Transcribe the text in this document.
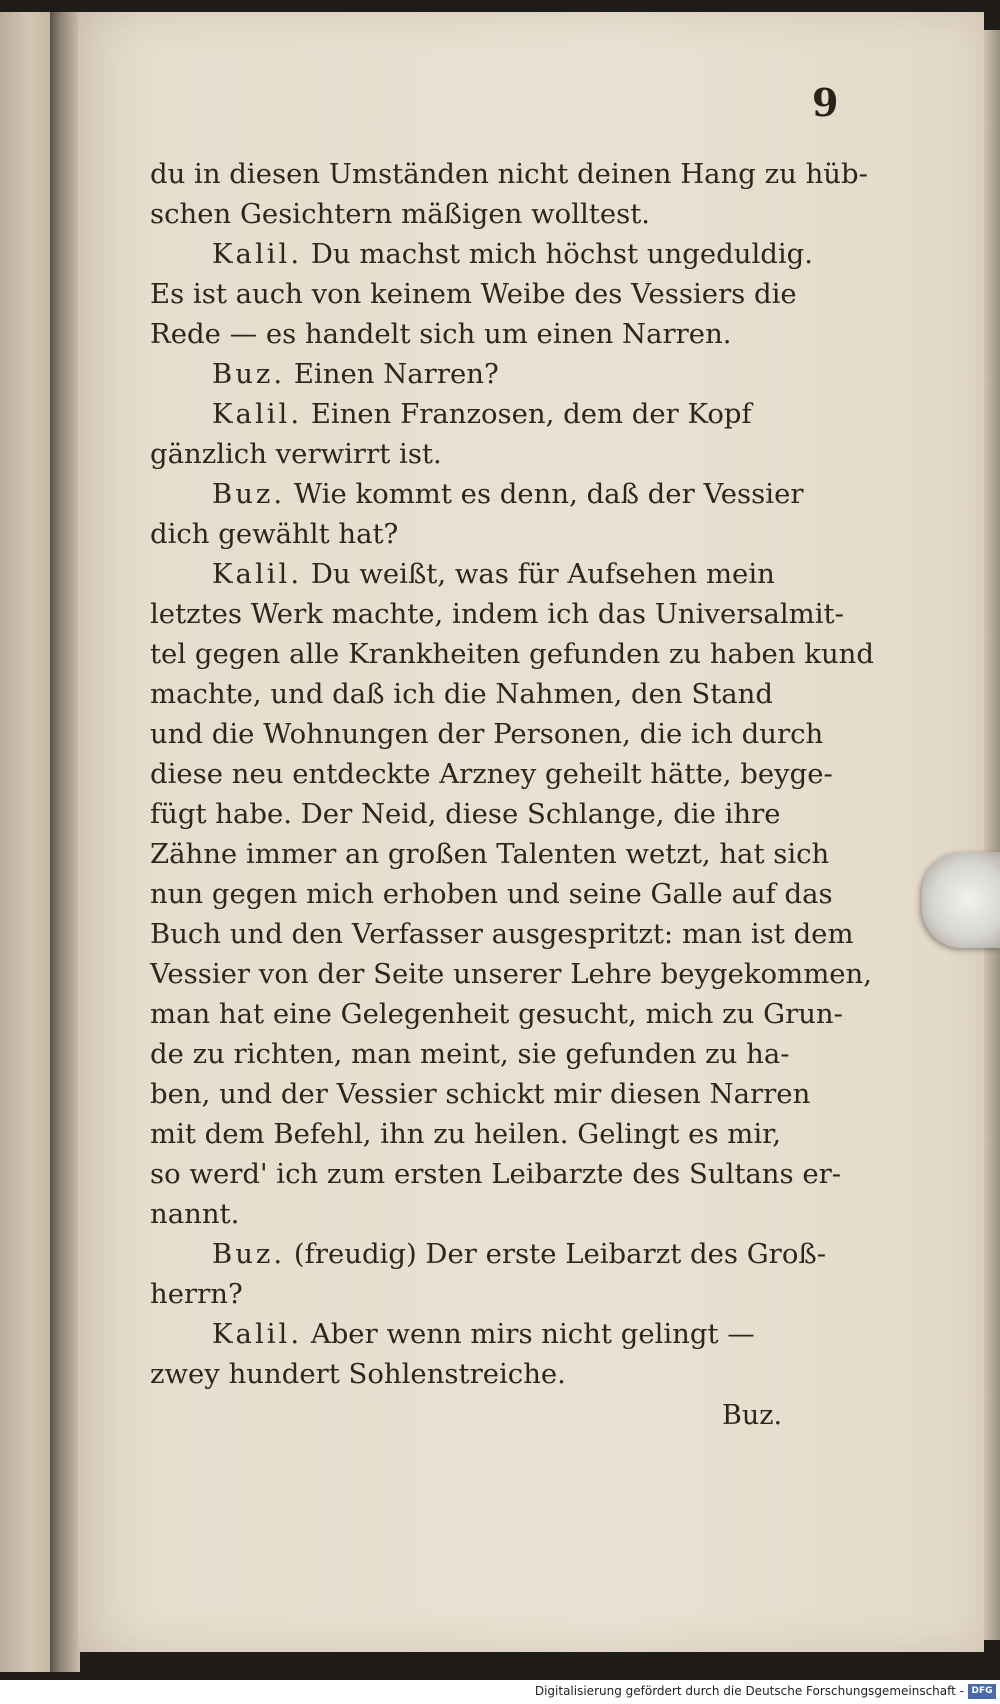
9
du in diesen Umständen nicht deinen Hang zu hüb-
schen Gesichtern mäßigen wolltest.
Kalil. Du machst mich höchst ungeduldig.
Es ist auch von keinem Weibe des Vessiers die
Rede — es handelt sich um einen Narren.
Buz. Einen Narren?
Kalil. Einen Franzosen, dem der Kopf
gänzlich verwirrt ist.
Buz. Wie kommt es denn, daß der Vessier
dich gewählt hat?
Kalil. Du weißt, was für Aufsehen mein
letztes Werk machte, indem ich das Universalmit-
tel gegen alle Krankheiten gefunden zu haben kund
machte, und daß ich die Nahmen, den Stand
und die Wohnungen der Personen, die ich durch
diese neu entdeckte Arzney geheilt hätte, beyge-
fügt habe. Der Neid, diese Schlange, die ihre
Zähne immer an großen Talenten wetzt, hat sich
nun gegen mich erhoben und seine Galle auf das
Buch und den Verfasser ausgespritzt: man ist dem
Vessier von der Seite unserer Lehre beygekommen,
man hat eine Gelegenheit gesucht, mich zu Grun-
de zu richten, man meint, sie gefunden zu ha-
ben, und der Vessier schickt mir diesen Narren
mit dem Befehl, ihn zu heilen. Gelingt es mir,
so werd' ich zum ersten Leibarzte des Sultans er-
nannt.
Buz. (freudig) Der erste Leibarzt des Groß-
herrn?
Kalil. Aber wenn mirs nicht gelingt —
zwey hundert Sohlenstreiche.
Buz.
Digitalisierung gefördert durch die Deutsche Forschungsgemeinschaft - DFG
